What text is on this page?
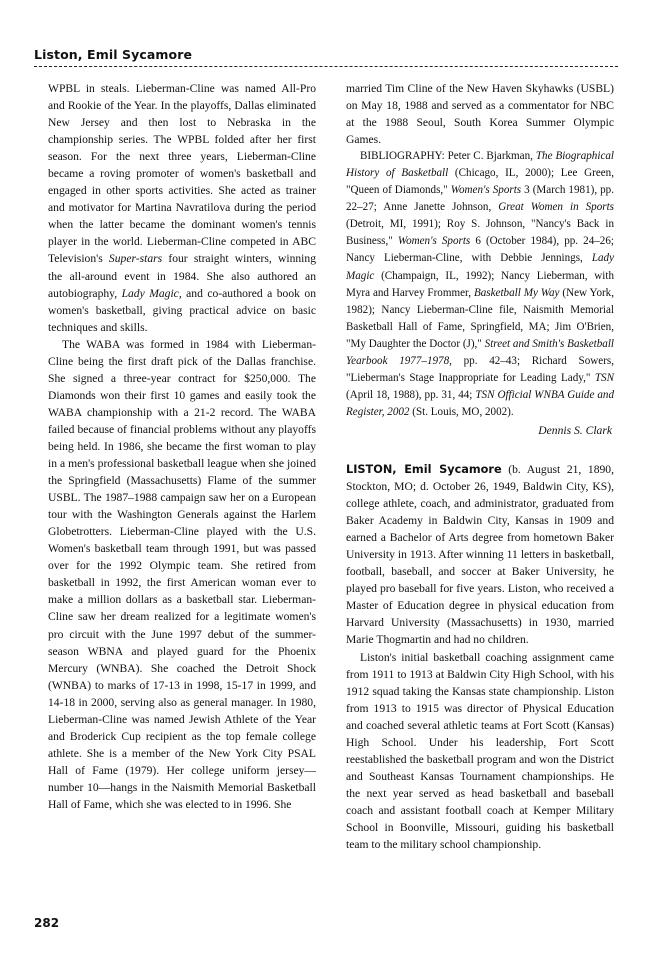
Liston, Emil Sycamore

WPBL in steals. Lieberman-Cline was named All-Pro and Rookie of the Year. In the playoffs, Dallas eliminated New Jersey and then lost to Nebraska in the championship series. The WPBL folded after her first season. For the next three years, Lieberman-Cline became a roving promoter of women's basketball and engaged in other sports activities. She acted as trainer and motivator for Martina Navratilova during the period when the latter became the dominant women's tennis player in the world. Lieberman-Cline competed in ABC Television's Super-stars four straight winters, winning the all-around event in 1984. She also authored an autobiography, Lady Magic, and co-authored a book on women's basketball, giving practical advice on basic techniques and skills.

The WABA was formed in 1984 with Lieberman-Cline being the first draft pick of the Dallas franchise. She signed a three-year contract for $250,000. The Diamonds won their first 10 games and easily took the WABA championship with a 21-2 record. The WABA failed because of financial problems without any playoffs being held. In 1986, she became the first woman to play in a men's professional basketball league when she joined the Springfield (Massachusetts) Flame of the summer USBL. The 1987–1988 campaign saw her on a European tour with the Washington Generals against the Harlem Globetrotters. Lieberman-Cline played with the U.S. Women's basketball team through 1991, but was passed over for the 1992 Olympic team. She retired from basketball in 1992, the first American woman ever to make a million dollars as a basketball star. Lieberman-Cline saw her dream realized for a legitimate women's pro circuit with the June 1997 debut of the summer-season WBNA and played guard for the Phoenix Mercury (WNBA). She coached the Detroit Shock (WNBA) to marks of 17-13 in 1998, 15-17 in 1999, and 14-18 in 2000, serving also as general manager. In 1980, Lieberman-Cline was named Jewish Athlete of the Year and Broderick Cup recipient as the top female college athlete. She is a member of the New York City PSAL Hall of Fame (1979). Her college uniform jersey—number 10—hangs in the Naismith Memorial Basketball Hall of Fame, which she was elected to in 1996. She

married Tim Cline of the New Haven Skyhawks (USBL) on May 18, 1988 and served as a commentator for NBC at the 1988 Seoul, South Korea Summer Olympic Games.

BIBLIOGRAPHY: Peter C. Bjarkman, The Biographical History of Basketball (Chicago, IL, 2000); Lee Green, "Queen of Diamonds," Women's Sports 3 (March 1981), pp. 22–27; Anne Janette Johnson, Great Women in Sports (Detroit, MI, 1991); Roy S. Johnson, "Nancy's Back in Business," Women's Sports 6 (October 1984), pp. 24–26; Nancy Lieberman-Cline, with Debbie Jennings, Lady Magic (Champaign, IL, 1992); Nancy Lieberman, with Myra and Harvey Frommer, Basketball My Way (New York, 1982); Nancy Lieberman-Cline file, Naismith Memorial Basketball Hall of Fame, Springfield, MA; Jim O'Brien, "My Daughter the Doctor (J)," Street and Smith's Basketball Yearbook 1977–1978, pp. 42–43; Richard Sowers, "Lieberman's Stage Inappropriate for Leading Lady," TSN (April 18, 1988), pp. 31, 44; TSN Official WNBA Guide and Register, 2002 (St. Louis, MO, 2002).

Dennis S. Clark

LISTON, Emil Sycamore (b. August 21, 1890, Stockton, MO; d. October 26, 1949, Baldwin City, KS), college athlete, coach, and administrator, graduated from Baker Academy in Baldwin City, Kansas in 1909 and earned a Bachelor of Arts degree from hometown Baker University in 1913. After winning 11 letters in basketball, football, baseball, and soccer at Baker University, he played pro baseball for five years. Liston, who received a Master of Education degree in physical education from Harvard University (Massachusetts) in 1930, married Marie Thogmartin and had no children.

Liston's initial basketball coaching assignment came from 1911 to 1913 at Baldwin City High School, with his 1912 squad taking the Kansas state championship. Liston from 1913 to 1915 was director of Physical Education and coached several athletic teams at Fort Scott (Kansas) High School. Under his leadership, Fort Scott reestablished the basketball program and won the District and Southeast Kansas Tournament championships. He the next year served as head basketball and baseball coach and assistant football coach at Kemper Military School in Boonville, Missouri, guiding his basketball team to the military school championship.

282
